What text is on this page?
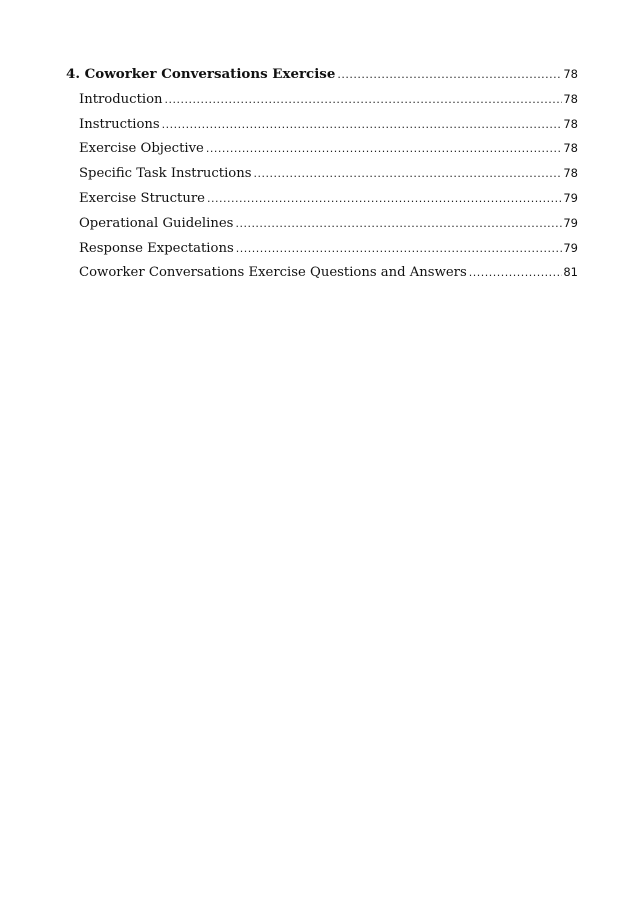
4. Coworker Conversations Exercise .....	78
Introduction .....	78
Instructions .....	78
Exercise Objective .....	78
Specific Task Instructions .....	78
Exercise Structure .....	79
Operational Guidelines .....	79
Response Expectations .....	79
Coworker Conversations Exercise Questions and Answers .....	81
